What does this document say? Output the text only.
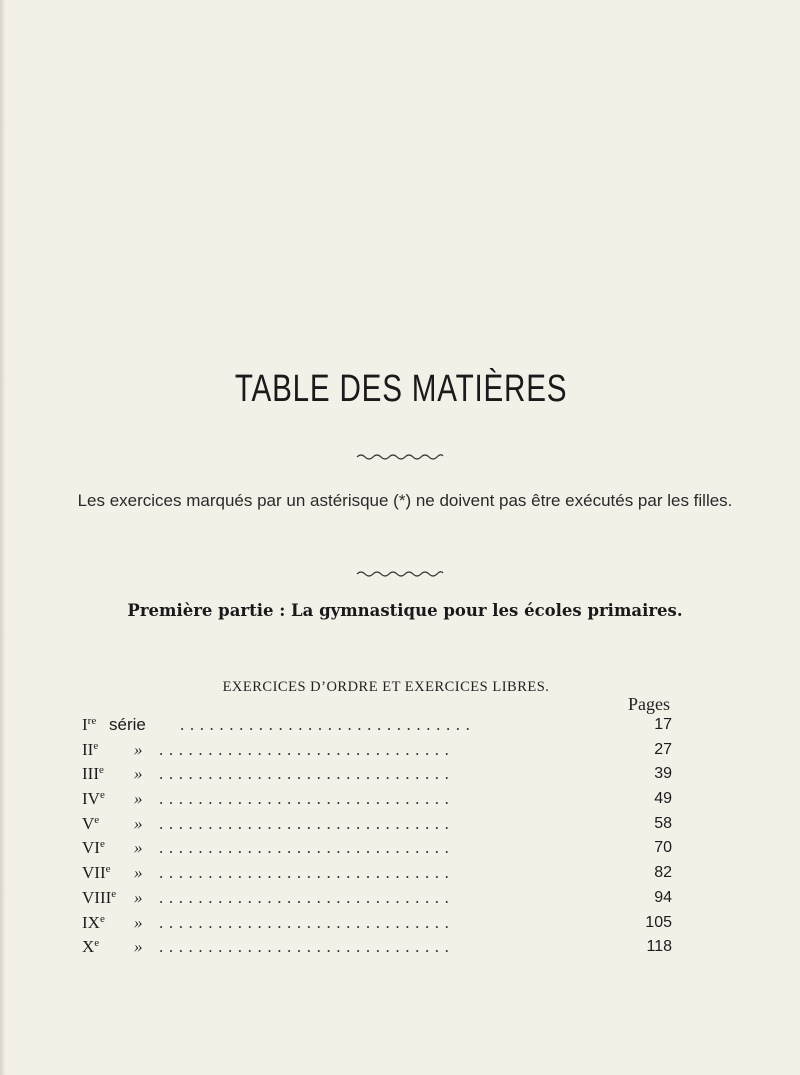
TABLE DES MATIÈRES
Les exercices marqués par un astérisque (*) ne doivent pas être exécutés par les filles.
Première partie : La gymnastique pour les écoles primaires.
EXERCICES D’ORDRE ET EXERCICES LIBRES.
Pages
Ire série ..............................	17
IIe » ..............................	27
IIIe » ..............................	39
IVe » ..............................	49
Ve » ..............................	58
VIe » ..............................	70
VIIe » ..............................	82
VIIIe » ..............................	94
IXe » ..............................	105
Xe » ..............................	118
